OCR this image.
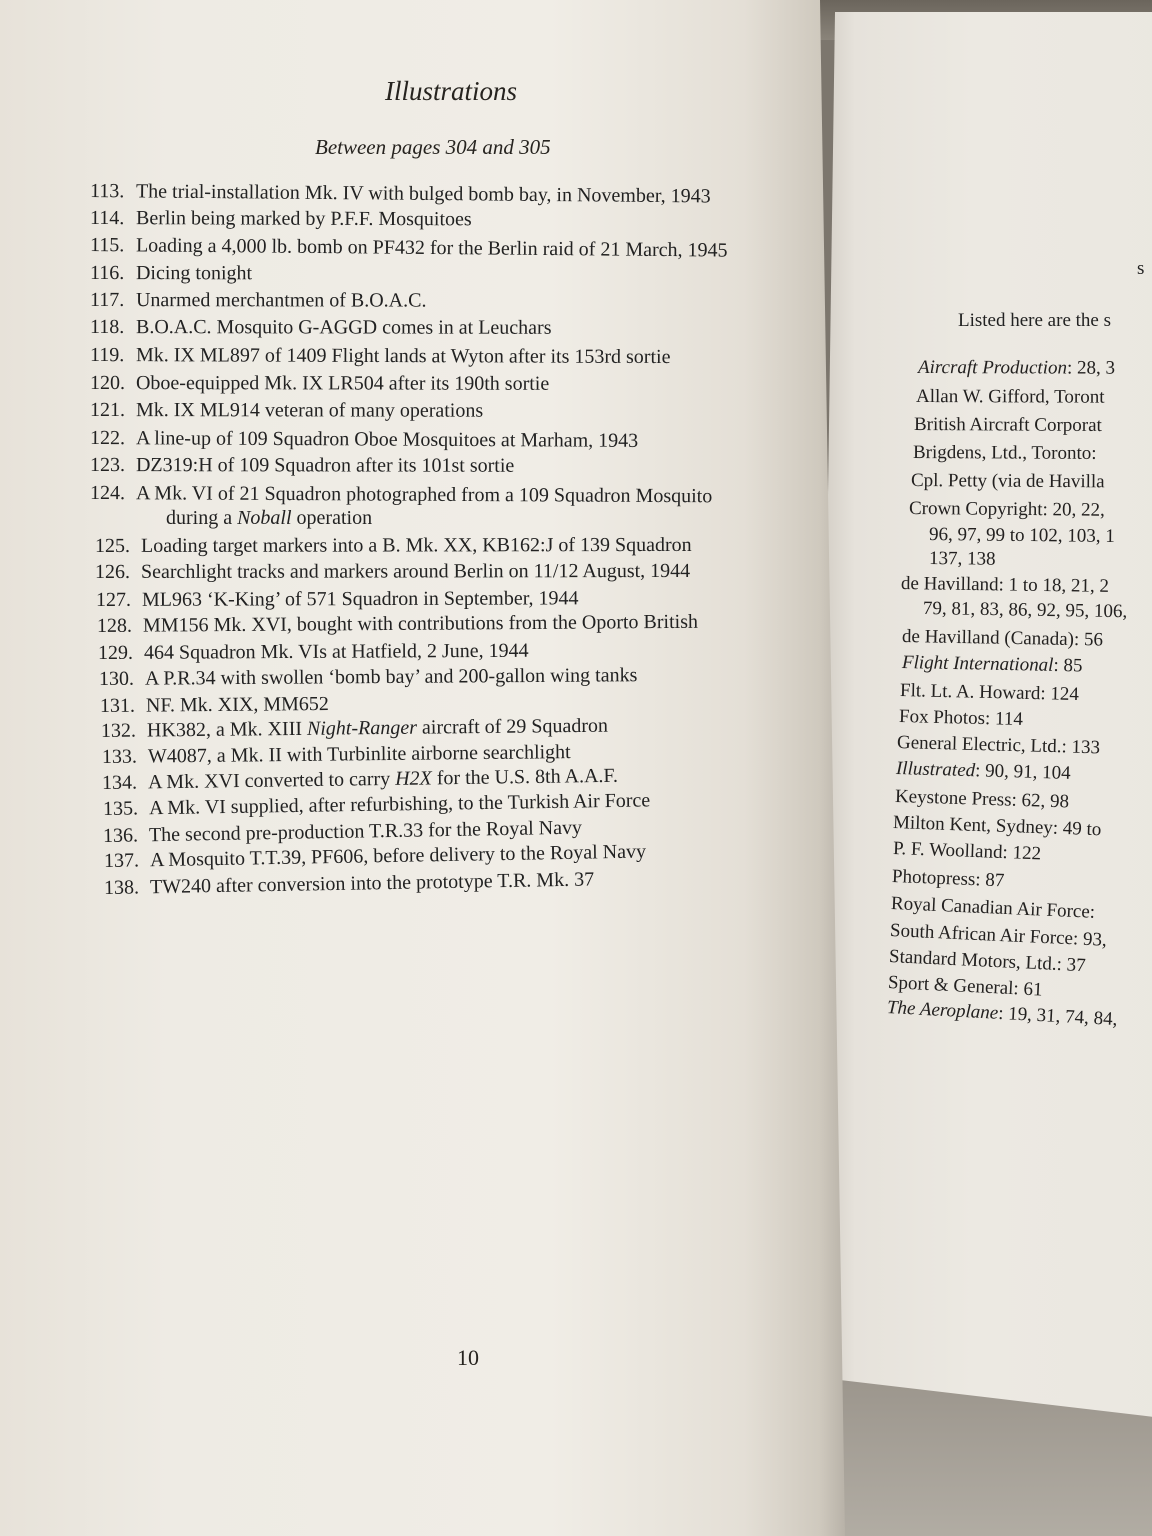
Illustrations
Between pages 304 and 305
113. The trial-installation Mk. IV with bulged bomb bay, in November, 1943
114. Berlin being marked by P.F.F. Mosquitoes
115. Loading a 4,000 lb. bomb on PF432 for the Berlin raid of 21 March, 1945
116. Dicing tonight
117. Unarmed merchantmen of B.O.A.C.
118. B.O.A.C. Mosquito G-AGGD comes in at Leuchars
119. Mk. IX ML897 of 1409 Flight lands at Wyton after its 153rd sortie
120. Oboe-equipped Mk. IX LR504 after its 190th sortie
121. Mk. IX ML914 veteran of many operations
122. A line-up of 109 Squadron Oboe Mosquitoes at Marham, 1943
123. DZ319:H of 109 Squadron after its 101st sortie
124. A Mk. VI of 21 Squadron photographed from a 109 Squadron Mosquito
during a Noball operation
125. Loading target markers into a B. Mk. XX, KB162:J of 139 Squadron
126. Searchlight tracks and markers around Berlin on 11/12 August, 1944
127. ML963 ‘K-King’ of 571 Squadron in September, 1944
128. MM156 Mk. XVI, bought with contributions from the Oporto British
129. 464 Squadron Mk. VIs at Hatfield, 2 June, 1944
130. A P.R.34 with swollen ‘bomb bay’ and 200-gallon wing tanks
131. NF. Mk. XIX, MM652
132. HK382, a Mk. XIII Night-Ranger aircraft of 29 Squadron
133. W4087, a Mk. II with Turbinlite airborne searchlight
134. A Mk. XVI converted to carry H2X for the U.S. 8th A.A.F.
135. A Mk. VI supplied, after refurbishing, to the Turkish Air Force
136. The second pre-production T.R.33 for the Royal Navy
137. A Mosquito T.T.39, PF606, before delivery to the Royal Navy
138. TW240 after conversion into the prototype T.R. Mk. 37
10
s
Listed here are the s
Aircraft Production: 28, 3
Allan W. Gifford, Toront
British Aircraft Corporat
Brigdens, Ltd., Toronto:
Cpl. Petty (via de Havilla
Crown Copyright: 20, 22,
96, 97, 99 to 102, 103, 1
137, 138
de Havilland: 1 to 18, 21, 2
79, 81, 83, 86, 92, 95, 106,
de Havilland (Canada): 56
Flight International: 85
Flt. Lt. A. Howard: 124
Fox Photos: 114
General Electric, Ltd.: 133
Illustrated: 90, 91, 104
Keystone Press: 62, 98
Milton Kent, Sydney: 49 to
P. F. Woolland: 122
Photopress: 87
Royal Canadian Air Force:
South African Air Force: 93,
Standard Motors, Ltd.: 37
Sport & General: 61
The Aeroplane: 19, 31, 74, 84,
